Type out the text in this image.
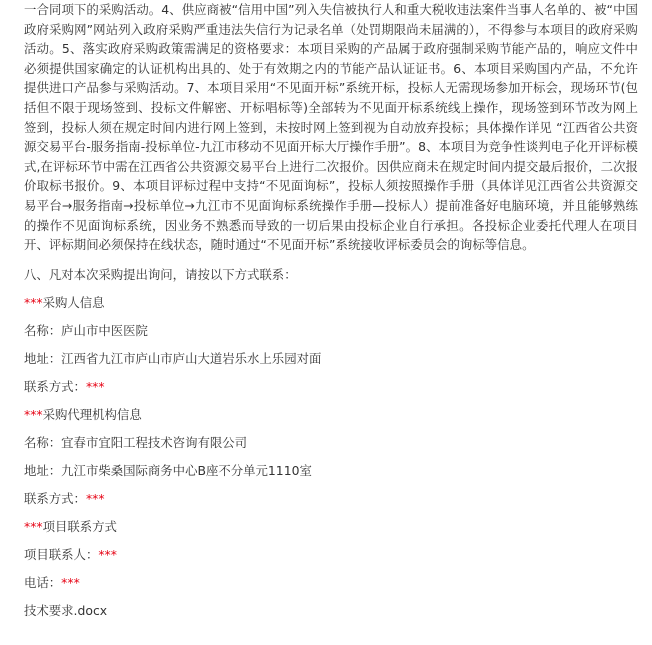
一合同项下的采购活动。4、供应商被“信用中国”列入失信被执行人和重大税收违法案件当事人名单的、被“中国政府采购网”网站列入政府采购严重违法失信行为记录名单（处罚期限尚未届满的），不得参与本项目的政府采购活动。5、落实政府采购政策需满足的资格要求：本项目采购的产品属于政府强制采购节能产品的，响应文件中必须提供国家确定的认证机构出具的、处于有效期之内的节能产品认证证书。6、本项目采购国内产品，不允许提供进口产品参与采购活动。7、本项目采用“不见面开标”系统开标，投标人无需现场参加开标会，现场环节(包括但不限于现场签到、投标文件解密、开标唱标等)全部转为不见面开标系统线上操作，现场签到环节改为网上签到，投标人须在规定时间内进行网上签到，未按时网上签到视为自动放弃投标；具体操作详见 “江西省公共资源交易平台-服务指南-投标单位-九江市移动不见面开标大厅操作手册”。8、本项目为竞争性谈判电子化开评标模式,在评标环节中需在江西省公共资源交易平台上进行二次报价。因供应商未在规定时间内提交最后报价，二次报价取标书报价。9、本项目评标过程中支持“不见面询标”，投标人须按照操作手册（具体详见江西省公共资源交易平台→服务指南→投标单位→九江市不见面询标系统操作手册—投标人）提前准备好电脑环境，并且能够熟练的操作不见面询标系统，因业务不熟悉而导致的一切后果由投标企业自行承担。各投标企业委托代理人在项目开、评标期间必须保持在线状态，随时通过“不见面开标”系统接收评标委员会的询标等信息。

八、凡对本次采购提出询问，请按以下方式联系：
***采购人信息
名称：庐山市中医医院
地址：江西省九江市庐山市庐山大道岩乐水上乐园对面
联系方式：***
***采购代理机构信息
名称：宜春市宜阳工程技术咨询有限公司
地址：九江市柴桑国际商务中心B座不分单元1110室
联系方式：***
***项目联系方式
项目联系人：***
电话：***
技术要求.docx
